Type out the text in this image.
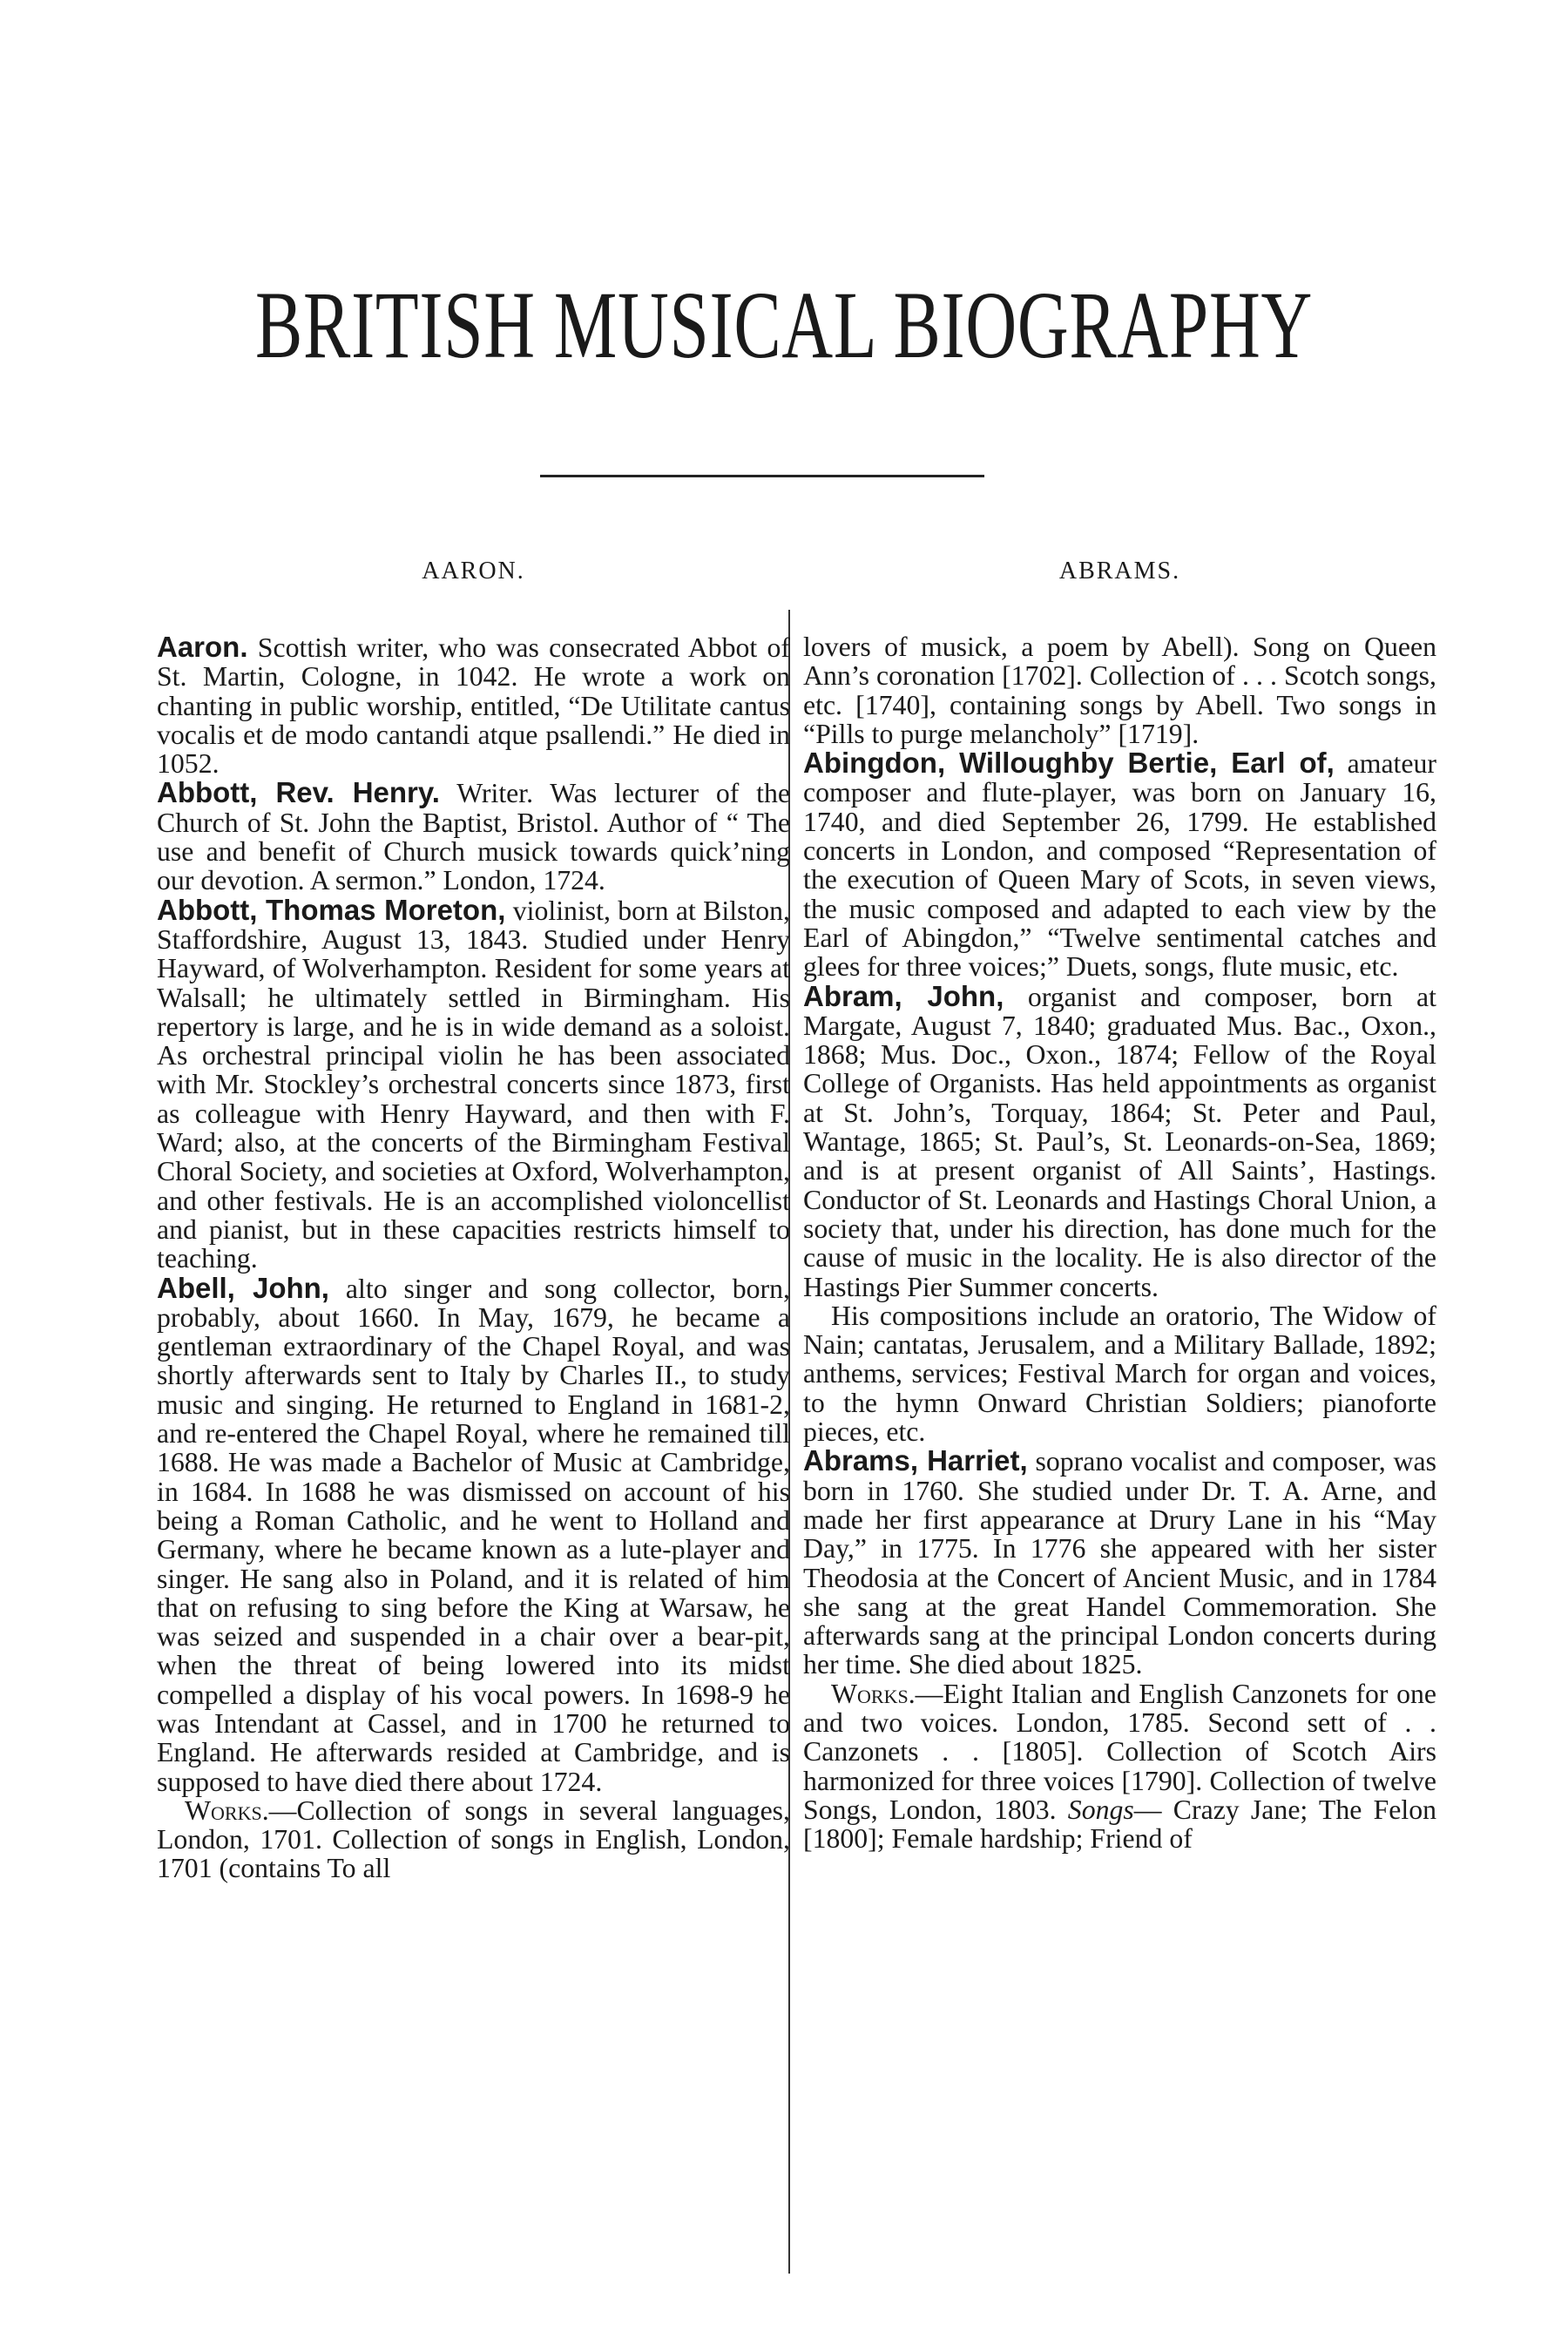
BRITISH MUSICAL BIOGRAPHY
AARON.

Aaron. Scottish writer, who was consecrated Abbot of St. Martin, Cologne, in 1042. He wrote a work on chanting in public worship, entitled, “De Utilitate cantus vocalis et de modo cantandi atque psallendi.” He died in 1052.

Abbott, Rev. Henry. Writer. Was lecturer of the Church of St. John the Baptist, Bristol. Author of “ The use and benefit of Church musick towards quick’ning our devotion. A sermon.” London, 1724.

Abbott, Thomas Moreton, violinist, born at Bilston, Staffordshire, August 13, 1843. Studied under Henry Hayward, of Wolverhampton. Resident for some years at Walsall; he ultimately settled in Birmingham. His repertory is large, and he is in wide demand as a soloist. As orchestral principal violin he has been associated with Mr. Stockley’s orchestral concerts since 1873, first as colleague with Henry Hayward, and then with F. Ward; also, at the concerts of the Birmingham Festival Choral Society, and societies at Oxford, Wolverhampton, and other festivals. He is an accomplished violoncellist and pianist, but in these capacities restricts himself to teaching.

Abell, John, alto singer and song collector, born, probably, about 1660. In May, 1679, he became a gentleman extraordinary of the Chapel Royal, and was shortly afterwards sent to Italy by Charles II., to study music and singing. He returned to England in 1681-2, and re-entered the Chapel Royal, where he remained till 1688. He was made a Bachelor of Music at Cambridge, in 1684. In 1688 he was dismissed on account of his being a Roman Catholic, and he went to Holland and Germany, where he became known as a lute-player and singer. He sang also in Poland, and it is related of him that on refusing to sing before the King at Warsaw, he was seized and suspended in a chair over a bear-pit, when the threat of being lowered into its midst compelled a display of his vocal powers. In 1698-9 he was Intendant at Cassel, and in 1700 he returned to England. He afterwards resided at Cambridge, and is supposed to have died there about 1724.

Works.—Collection of songs in several languages, London, 1701. Collection of songs in English, London, 1701 (contains To all

ABRAMS.

lovers of musick, a poem by Abell). Song on Queen Ann’s coronation [1702]. Collection of . . . Scotch songs, etc. [1740], containing songs by Abell. Two songs in “Pills to purge melancholy” [1719].

Abingdon, Willoughby Bertie, Earl of, amateur composer and flute-player, was born on January 16, 1740, and died September 26, 1799. He established concerts in London, and composed “Representation of the execution of Queen Mary of Scots, in seven views, the music composed and adapted to each view by the Earl of Abingdon,” “Twelve sentimental catches and glees for three voices;” Duets, songs, flute music, etc.

Abram, John, organist and composer, born at Margate, August 7, 1840; graduated Mus. Bac., Oxon., 1868; Mus. Doc., Oxon., 1874; Fellow of the Royal College of Organists. Has held appointments as organist at St. John’s, Torquay, 1864; St. Peter and Paul, Wantage, 1865; St. Paul’s, St. Leonards-on-Sea, 1869; and is at present organist of All Saints’, Hastings. Conductor of St. Leonards and Hastings Choral Union, a society that, under his direction, has done much for the cause of music in the locality. He is also director of the Hastings Pier Summer concerts.

His compositions include an oratorio, The Widow of Nain; cantatas, Jerusalem, and a Military Ballade, 1892; anthems, services; Festival March for organ and voices, to the hymn Onward Christian Soldiers; pianoforte pieces, etc.

Abrams, Harriet, soprano vocalist and composer, was born in 1760. She studied under Dr. T. A. Arne, and made her first appearance at Drury Lane in his “May Day,” in 1775. In 1776 she appeared with her sister Theodosia at the Concert of Ancient Music, and in 1784 she sang at the great Handel Commemoration. She afterwards sang at the principal London concerts during her time. She died about 1825.

Works.—Eight Italian and English Canzonets for one and two voices. London, 1785. Second sett of . . Canzonets . . [1805]. Collection of Scotch Airs harmonized for three voices [1790]. Collection of twelve Songs, London, 1803. Songs— Crazy Jane; The Felon [1800]; Female hardship; Friend of
